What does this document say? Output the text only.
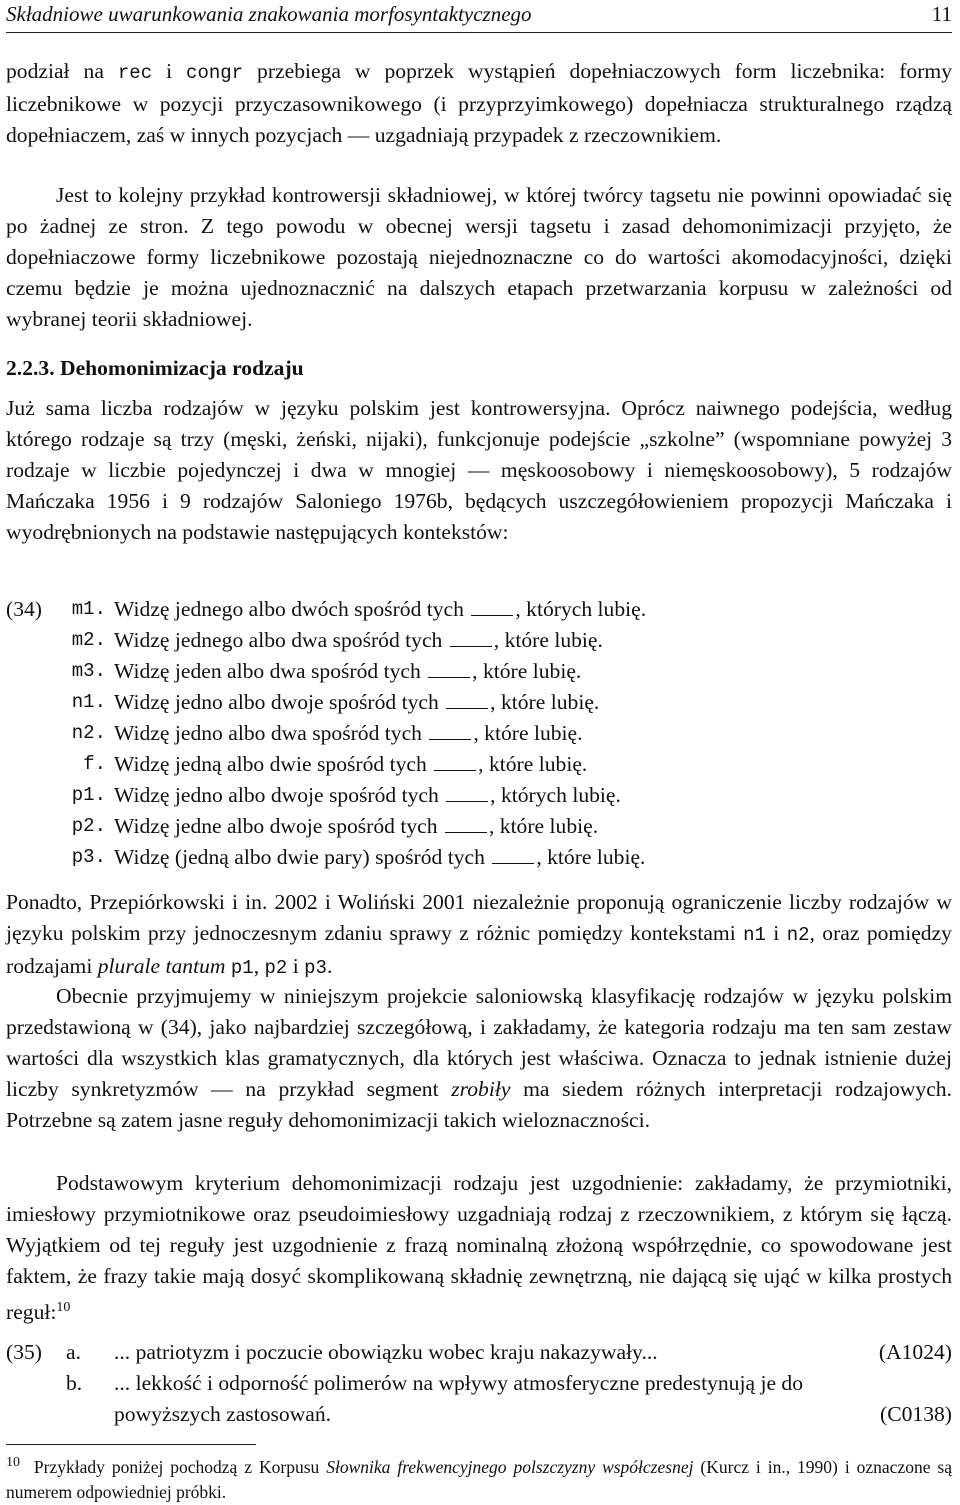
Składniowe uwarunkowania znakowania morfosyntaktycznego	11
podział na rec i congr przebiega w poprzek wystąpień dopełniaczowych form liczebnika: formy liczebnikowe w pozycji przyczasownikowego (i przyprzyimkowego) dopełniacza strukturalnego rządzą dopełniaczem, zaś w innych pozycjach — uzgadniają przypadek z rzeczownikiem.
Jest to kolejny przykład kontrowersji składniowej, w której twórcy tagsetu nie powinni opowiadać się po żadnej ze stron. Z tego powodu w obecnej wersji tagsetu i zasad dehomonimizacji przyjęto, że dopełniaczowe formy liczebnikowe pozostają niejednoznaczne co do wartości akomodacyjności, dzięki czemu będzie je można ujednoznacznić na dalszych etapach przetwarzania korpusu w zależności od wybranej teorii składniowej.
2.2.3. Dehomonimizacja rodzaju
Już sama liczba rodzajów w języku polskim jest kontrowersyjna. Oprócz naiwnego podejścia, według którego rodzaje są trzy (męski, żeński, nijaki), funkcjonuje podejście „szkolne” (wspomniane powyżej 3 rodzaje w liczbie pojedynczej i dwa w mnogiej — męskoosobowy i niemęskoosobowy), 5 rodzajów Mańczaka 1956 i 9 rodzajów Saloniego 1976b, będących uszczegółowieniem propozycji Mańczaka i wyodrębnionych na podstawie następujących kontekstów:
(34) m1. Widzę jednego albo dwóch spośród tych , których lubię.
m2. Widzę jednego albo dwa spośród tych , które lubię.
m3. Widzę jeden albo dwa spośród tych , które lubię.
n1. Widzę jedno albo dwoje spośród tych , które lubię.
n2. Widzę jedno albo dwa spośród tych , które lubię.
f. Widzę jedną albo dwie spośród tych , które lubię.
p1. Widzę jedno albo dwoje spośród tych , których lubię.
p2. Widzę jedne albo dwoje spośród tych , które lubię.
p3. Widzę (jedną albo dwie pary) spośród tych , które lubię.
Ponadto, Przepiórkowski i in. 2002 i Woliński 2001 niezależnie proponują ograniczenie liczby rodzajów w języku polskim przy jednoczesnym zdaniu sprawy z różnic pomiędzy kontekstami n1 i n2, oraz pomiędzy rodzajami plurale tantum p1, p2 i p3.
Obecnie przyjmujemy w niniejszym projekcie saloniowską klasyfikację rodzajów w języku polskim przedstawioną w (34), jako najbardziej szczegółową, i zakładamy, że kategoria rodzaju ma ten sam zestaw wartości dla wszystkich klas gramatycznych, dla których jest właściwa. Oznacza to jednak istnienie dużej liczby synkretyzmów — na przykład segment zrobiły ma siedem różnych interpretacji rodzajowych. Potrzebne są zatem jasne reguły dehomonimizacji takich wieloznaczności.
Podstawowym kryterium dehomonimizacji rodzaju jest uzgodnienie: zakładamy, że przymiotniki, imiesłowy przymiotnikowe oraz pseudoimiesłowy uzgadniają rodzaj z rzeczownikiem, z którym się łączą. Wyjątkiem od tej reguły jest uzgodnienie z frazą nominalną złożoną współrzędnie, co spowodowane jest faktem, że frazy takie mają dosyć skomplikowaną składnię zewnętrzną, nie dającą się ująć w kilka prostych reguł:$^{10}$
(35) a. ... patriotyzm i poczucie obowiązku wobec kraju nakazywały...	(A1024)
b. ... lekkość i odporność polimerów na wpływy atmosferyczne predestynują je do
powyższych zastosowań.	(C0138)
$^{10}$ Przykłady poniżej pochodzą z Korpusu Słownika frekwencyjnego polszczyzny współczesnej (Kurcz i in., 1990) i oznaczone są numerem odpowiedniej próbki.
